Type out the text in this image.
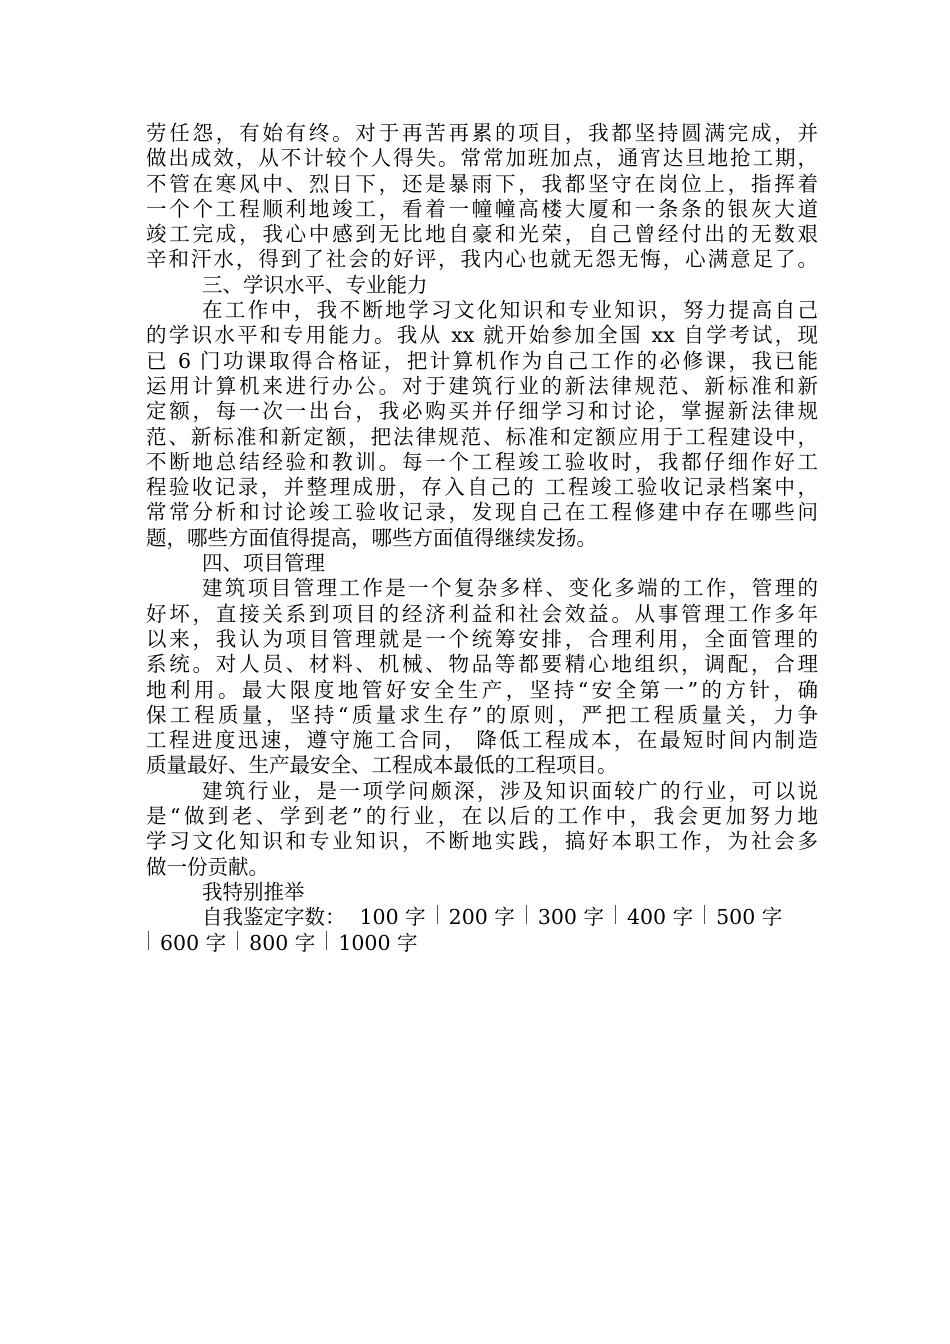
劳任怨，有始有终。对于再苦再累的项目，我都坚持圆满完成，并
做出成效，从不计较个人得失。常常加班加点，通宵达旦地抢工期，
不管在寒风中、烈日下，还是暴雨下，我都坚守在岗位上，指挥着
一个个工程顺利地竣工，看着一幢幢高楼大厦和一条条的银灰大道
竣工完成，我心中感到无比地自豪和光荣，自己曾经付出的无数艰
辛和汗水，得到了社会的好评，我内心也就无怨无悔，心满意足了。
三、学识水平、专业能力
在工作中，我不断地学习文化知识和专业知识，努力提高自己
的学识水平和专用能力。我从 xx 就开始参加全国 xx 自学考试，现
已 6 门功课取得合格证，把计算机作为自己工作的必修课，我已能
运用计算机来进行办公。对于建筑行业的新法律规范、新标准和新
定额，每一次一出台，我必购买并仔细学习和讨论，掌握新法律规
范、新标准和新定额，把法律规范、标准和定额应用于工程建设中，
不断地总结经验和教训。每一个工程竣工验收时，我都仔细作好工
程验收记录，并整理成册，存入自己的 工程竣工验收记录档案中，
常常分析和讨论竣工验收记录，发现自己在工程修建中存在哪些问
题，哪些方面值得提高，哪些方面值得继续发扬。
四、项目管理
建筑项目管理工作是一个复杂多样、变化多端的工作，管理的
好坏，直接关系到项目的经济利益和社会效益。从事管理工作多年
以来，我认为项目管理就是一个统筹安排，合理利用，全面管理的
系统。对人员、材料、机械、物品等都要精心地组织，调配，合理
地利用。最大限度地管好安全生产，坚持“安全第一”的方针，确
保工程质量，坚持“质量求生存”的原则，严把工程质量关，力争
工程进度迅速，遵守施工合同， 降低工程成本，在最短时间内制造
质量最好、生产最安全、工程成本最低的工程项目。
建筑行业，是一项学问颇深，涉及知识面较广的行业，可以说
是“做到老、学到老”的行业，在以后的工作中，我会更加努力地
学习文化知识和专业知识，不断地实践，搞好本职工作，为社会多
做一份贡献。
我特别推举
自我鉴定字数： 100 字 200 字 300 字 400 字 500 字
600 字 800 字 1000 字
